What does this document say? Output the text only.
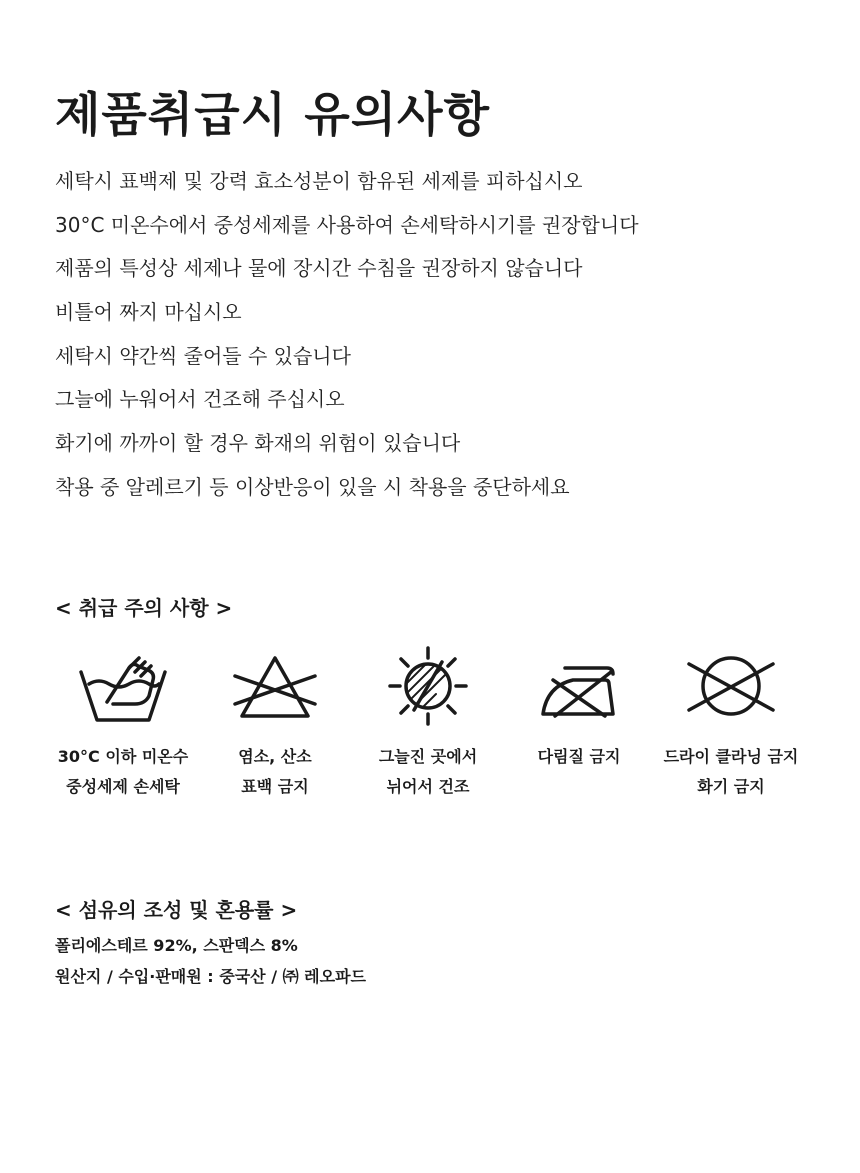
제품취급시 유의사항
세탁시 표백제 및 강력 효소성분이 함유된 세제를 피하십시오
30°C 미온수에서 중성세제를 사용하여 손세탁하시기를 권장합니다
제품의 특성상 세제나 물에 장시간 수침을 권장하지 않습니다
비틀어 짜지 마십시오
세탁시 약간씩 줄어들 수 있습니다
그늘에 누워어서 건조해 주십시오
화기에 까까이 할 경우 화재의 위험이 있습니다
착용 중 알레르기 등 이상반응이 있을 시 착용을 중단하세요
< 취급 주의 사항 >
30°C 이하 미온수
중성세제 손세탁
염소, 산소
표백 금지
그늘진 곳에서
뉘어서 건조
다림질 금지	드라이 클라닝 금지
화기 금지
< 섬유의 조성 및 혼용률 >

폴리에스테르 92%, 스판덱스 8%

원산지 / 수입·판매원 : 중국산 / ㈜ 레오파드
